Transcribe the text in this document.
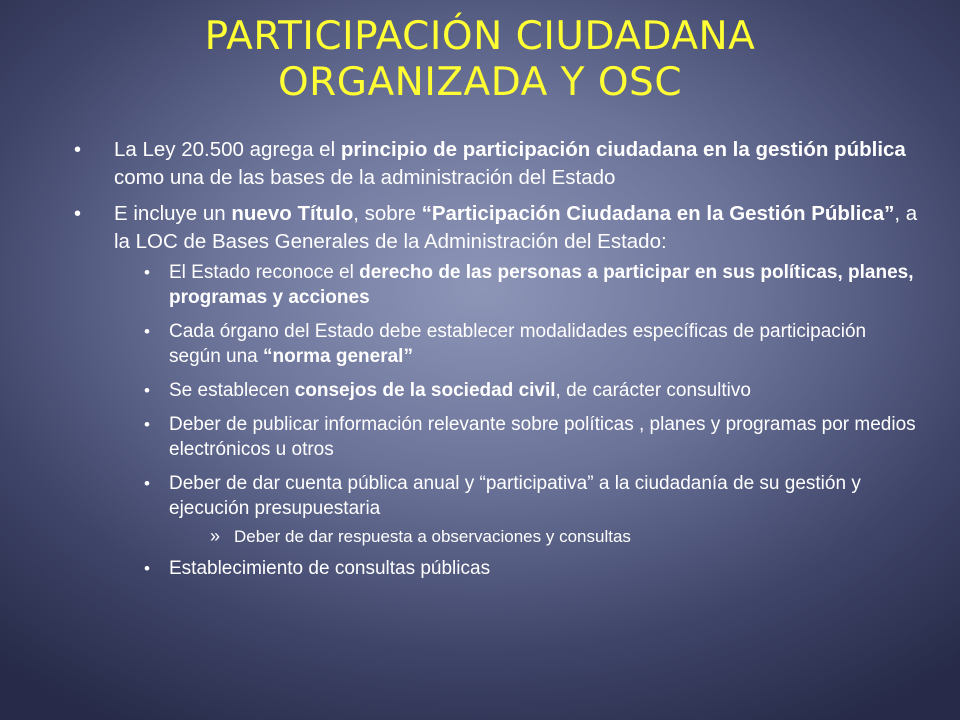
PARTICIPACIÓN CIUDADANA
ORGANIZADA Y OSC
• La Ley 20.500 agrega el principio de participación ciudadana en la gestión pública como una de las bases de la administración del Estado
• E incluye un nuevo Título, sobre “Participación Ciudadana en la Gestión Pública”, a la LOC de Bases Generales de la Administración del Estado:
• El Estado reconoce el derecho de las personas a participar en sus políticas, planes, programas y acciones
• Cada órgano del Estado debe establecer modalidades específicas de participación según una “norma general”
• Se establecen consejos de la sociedad civil, de carácter consultivo
• Deber de publicar información relevante sobre políticas , planes y programas por medios electrónicos u otros
• Deber de dar cuenta pública anual y “participativa” a la ciudadanía de su gestión y ejecución presupuestaria
» Deber de dar respuesta a observaciones y consultas
• Establecimiento de consultas públicas
